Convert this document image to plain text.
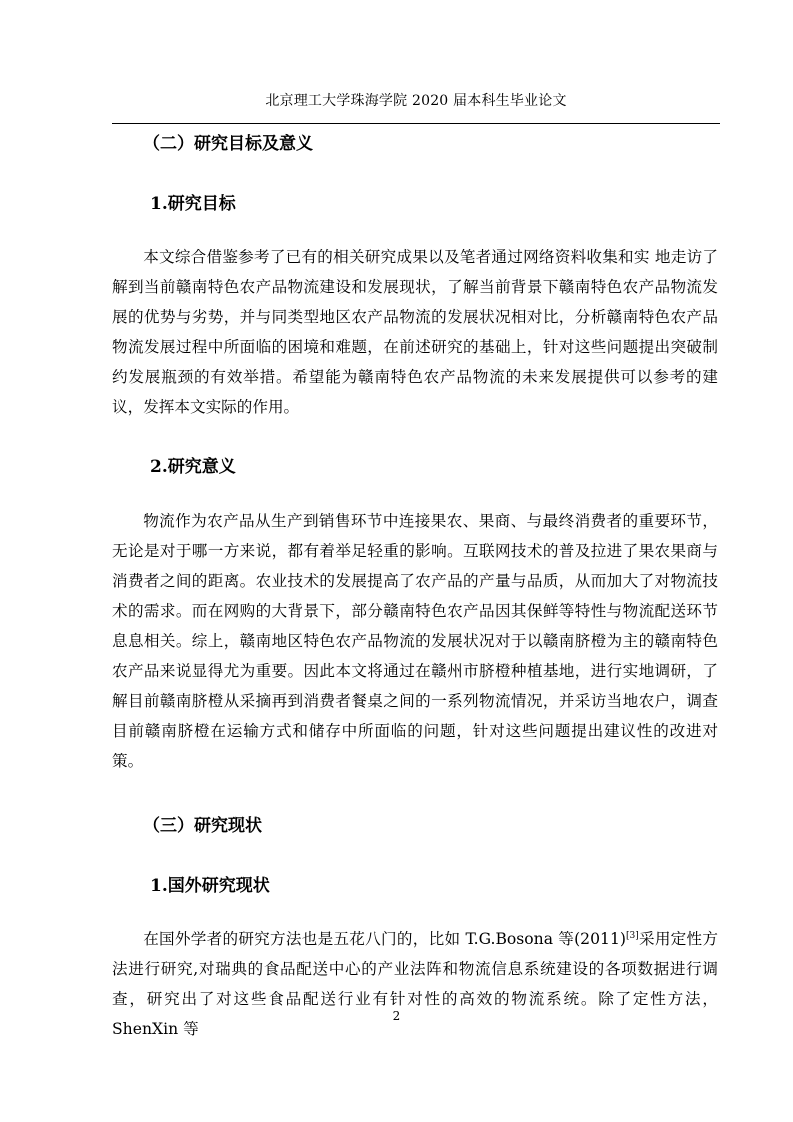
北京理工大学珠海学院 2020 届本科生毕业论文
（二）研究目标及意义
1.研究目标
本文综合借鉴参考了已有的相关研究成果以及笔者通过网络资料收集和实 地走访了解到当前赣南特色农产品物流建设和发展现状，了解当前背景下赣南特色农产品物流发展的优势与劣势，并与同类型地区农产品物流的发展状况相对比，分析赣南特色农产品物流发展过程中所面临的困境和难题，在前述研究的基础上，针对这些问题提出突破制约发展瓶颈的有效举措。希望能为赣南特色农产品物流的未来发展提供可以参考的建议，发挥本文实际的作用。
2.研究意义
物流作为农产品从生产到销售环节中连接果农、果商、与最终消费者的重要环节，无论是对于哪一方来说，都有着举足轻重的影响。互联网技术的普及拉进了果农果商与消费者之间的距离。农业技术的发展提高了农产品的产量与品质，从而加大了对物流技术的需求。而在网购的大背景下，部分赣南特色农产品因其保鲜等特性与物流配送环节息息相关。综上，赣南地区特色农产品物流的发展状况对于以赣南脐橙为主的赣南特色农产品来说显得尤为重要。因此本文将通过在赣州市脐橙种植基地，进行实地调研，了解目前赣南脐橙从采摘再到消费者餐桌之间的一系列物流情况，并采访当地农户，调查目前赣南脐橙在运输方式和储存中所面临的问题，针对这些问题提出建议性的改进对策。
（三）研究现状
1.国外研究现状
在国外学者的研究方法也是五花八门的，比如 T.G.Bosona 等(2011)[3]采用定性方法进行研究,对瑞典的食品配送中心的产业法阵和物流信息系统建设的各项数据进行调查，研究出了对这些食品配送行业有针对性的高效的物流系统。除了定性方法，ShenXin 等
2
